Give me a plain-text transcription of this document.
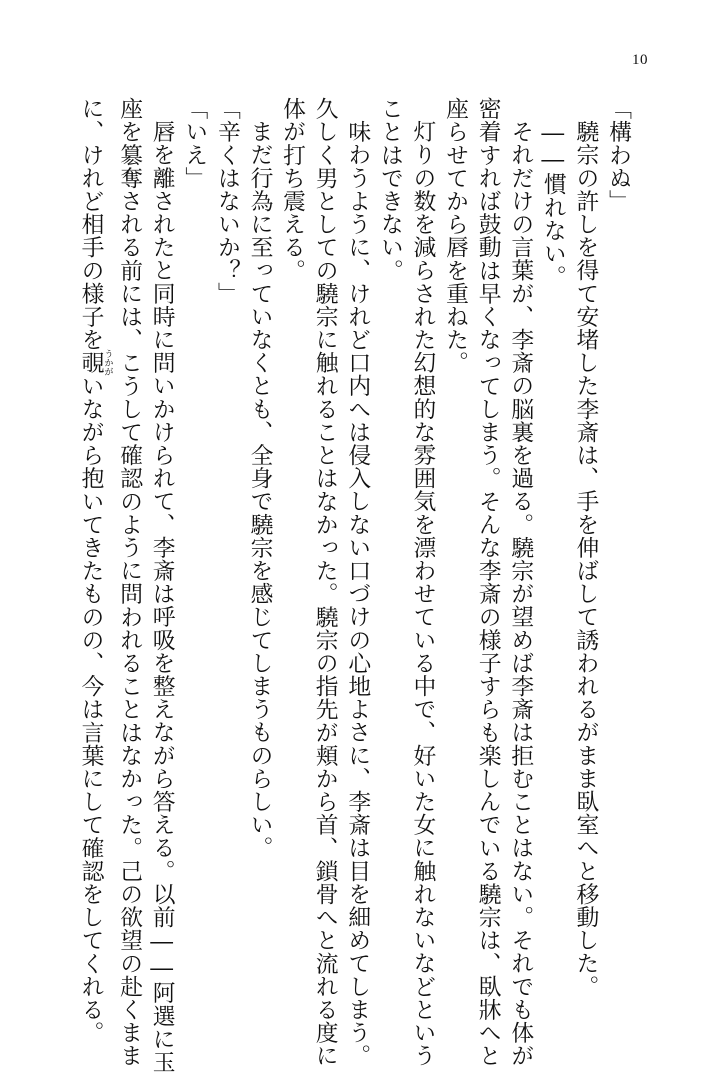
10
「構わぬ」
驍宗の許しを得て安堵した李斎は、手を伸ばして誘われるがまま臥室へと移動した。
――慣れない。
それだけの言葉が、李斎の脳裏を過る。驍宗が望めば李斎は拒むことはない。それでも体が
密着すれば鼓動は早くなってしまう。そんな李斎の様子すらも楽しんでいる驍宗は、臥牀へと
座らせてから唇を重ねた。
灯りの数を減らされた幻想的な雰囲気を漂わせている中で、好いた女に触れないなどという
ことはできない。
味わうように、けれど口内へは侵入しない口づけの心地よさに、李斎は目を細めてしまう。
久しく男としての驍宗に触れることはなかった。驍宗の指先が頬から首、鎖骨へと流れる度に
体が打ち震える。
まだ行為に至っていなくとも、全身で驍宗を感じてしまうものらしい。
「辛くはないか？」
「いえ」
唇を離されたと同時に問いかけられて、李斎は呼吸を整えながら答える。以前――阿選に玉
座を簒奪される前には、こうして確認のように問われることはなかった。己の欲望の赴くまま
に、けれど相手の様子を覗 うかがいながら抱いてきたものの、今は言葉にして確認をしてくれる。
